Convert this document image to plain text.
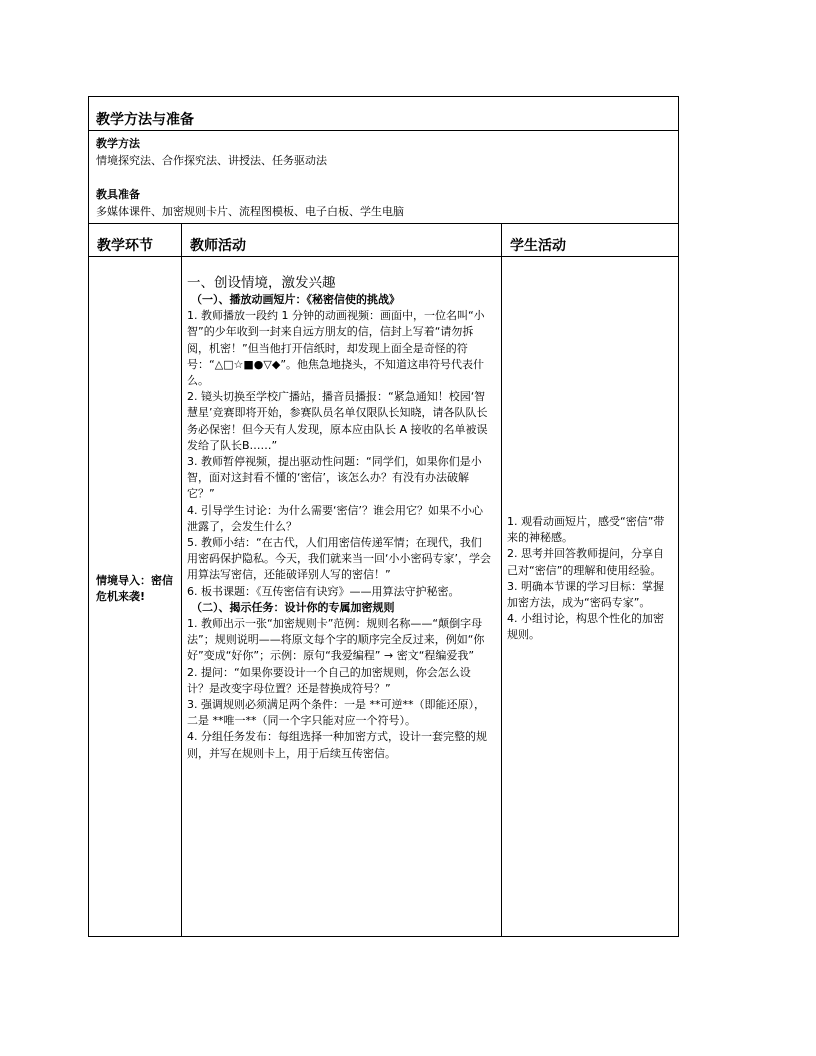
教学方法与准备

教学方法

情境探究法、合作探究法、讲授法、任务驱动法

教具准备

多媒体课件、加密规则卡片、流程图模板、电子白板、学生电脑

教学环节	教师活动	学生活动
情境导入：密信危机来袭!

一、创设情境，激发兴趣

（一）、播放动画短片：《秘密信使的挑战》

1. 教师播放一段约 1 分钟的动画视频：画面中，一位名叫“小智”的少年收到一封来自远方朋友的信，信封上写着“请勿拆阅，机密！”但当他打开信纸时，却发现上面全是奇怪的符号：“△□☆■●▽◆”。他焦急地挠头，不知道这串符号代表什么。

2. 镜头切换至学校广播站，播音员播报：“紧急通知！校园‘智慧星’竞赛即将开始，参赛队员名单仅限队长知晓，请各队队长务必保密！但今天有人发现，原本应由队长 A 接收的名单被误发给了队长B……”

3. 教师暂停视频，提出驱动性问题：“同学们，如果你们是小智，面对这封看不懂的‘密信’，该怎么办？有没有办法破解它？”

4. 引导学生讨论：为什么需要‘密信’？谁会用它？如果不小心泄露了，会发生什么？

5. 教师小结：“在古代，人们用密信传递军情；在现代，我们用密码保护隐私。今天，我们就来当一回‘小小密码专家’，学会用算法写密信，还能破译别人写的密信！”

6. 板书课题：《互传密信有诀窍》——用算法守护秘密。

（二）、揭示任务：设计你的专属加密规则

1. 教师出示一张“加密规则卡”范例：规则名称——“颠倒字母法”；规则说明——将原文每个字的顺序完全反过来，例如“你好”变成“好你”；示例：原句“我爱编程” → 密文“程编爱我”

2. 提问：“如果你要设计一个自己的加密规则，你会怎么设计？是改变字母位置？还是替换成符号？”

3. 强调规则必须满足两个条件：一是 **可逆**（即能还原），二是 **唯一**（同一个字只能对应一个符号）。

4. 分组任务发布：每组选择一种加密方式，设计一套完整的规则，并写在规则卡上，用于后续互传密信。

1. 观看动画短片，感受“密信”带来的神秘感。

2. 思考并回答教师提问，分享自己对“密信”的理解和使用经验。

3. 明确本节课的学习目标：掌握加密方法，成为“密码专家”。

4. 小组讨论，构思个性化的加密规则。
